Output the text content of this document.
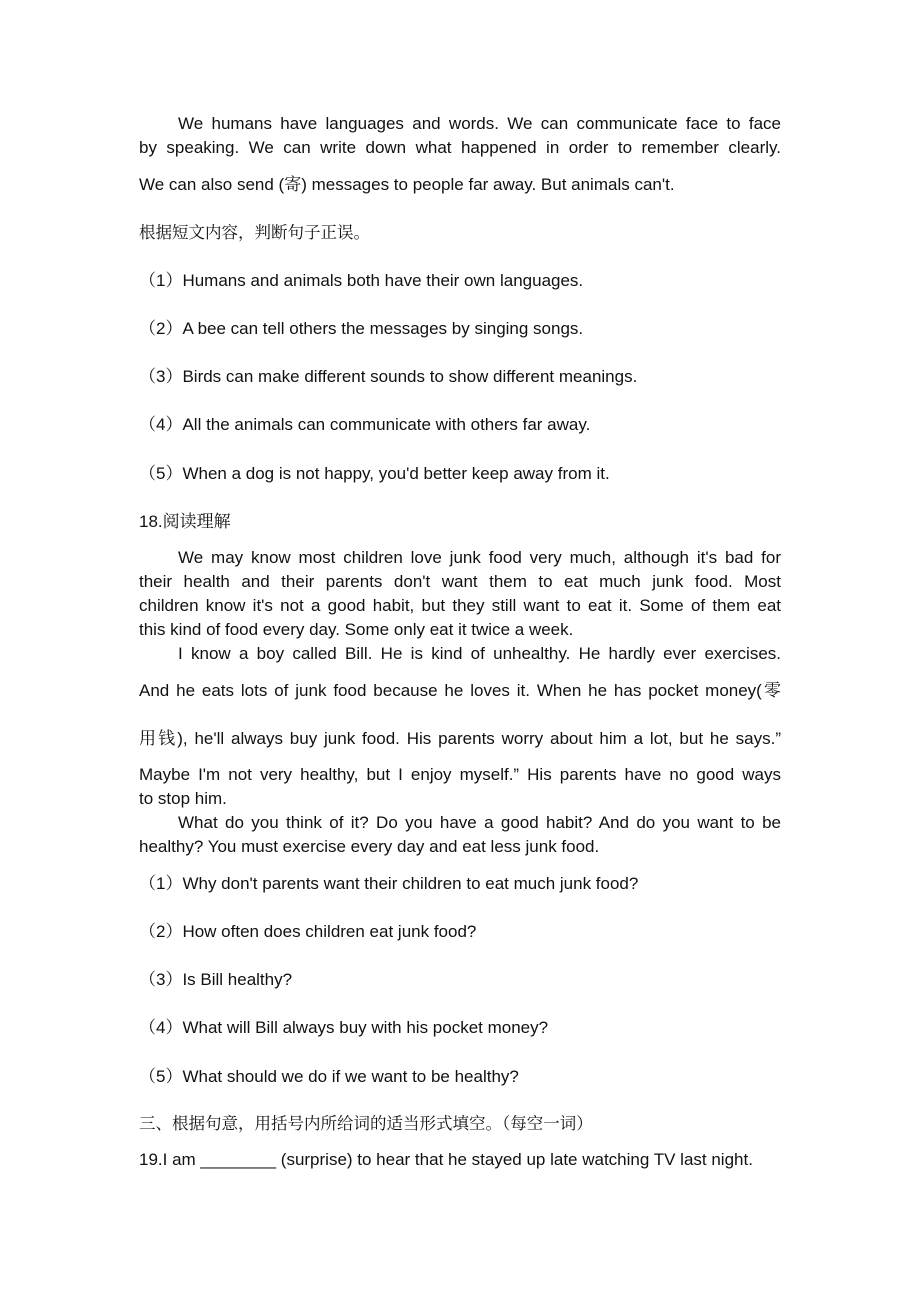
We humans have languages and words. We can communicate face to face
by speaking. We can write down what happened in order to remember clearly.
We can also send (寄) messages to people far away. But animals can't.
根据短文内容，判断句子正误。
（1）Humans and animals both have their own languages.
（2）A bee can tell others the messages by singing songs.
（3）Birds can make different sounds to show different meanings.
（4）All the animals can communicate with others far away.
（5）When a dog is not happy, you'd better keep away from it.
18.阅读理解
We may know most children love junk food very much, although it's bad for
their health and their parents don't want them to eat much junk food. Most
children know it's not a good habit, but they still want to eat it. Some of them eat
this kind of food every day. Some only eat it twice a week.
I know a boy called Bill. He is kind of unhealthy. He hardly ever exercises.
And he eats lots of junk food because he loves it. When he has pocket money(零
用钱), he'll always buy junk food. His parents worry about him a lot, but he says.”
Maybe I'm not very healthy, but I enjoy myself.” His parents have no good ways
to stop him.
What do you think of it? Do you have a good habit? And do you want to be
healthy? You must exercise every day and eat less junk food.
（1）Why don't parents want their children to eat much junk food?
（2）How often does children eat junk food?
（3）Is Bill healthy?
（4）What will Bill always buy with his pocket money?
（5）What should we do if we want to be healthy?
三、根据句意，用括号内所给词的适当形式填空。（每空一词）
19.I am ________ (surprise) to hear that he stayed up late watching TV last night.
